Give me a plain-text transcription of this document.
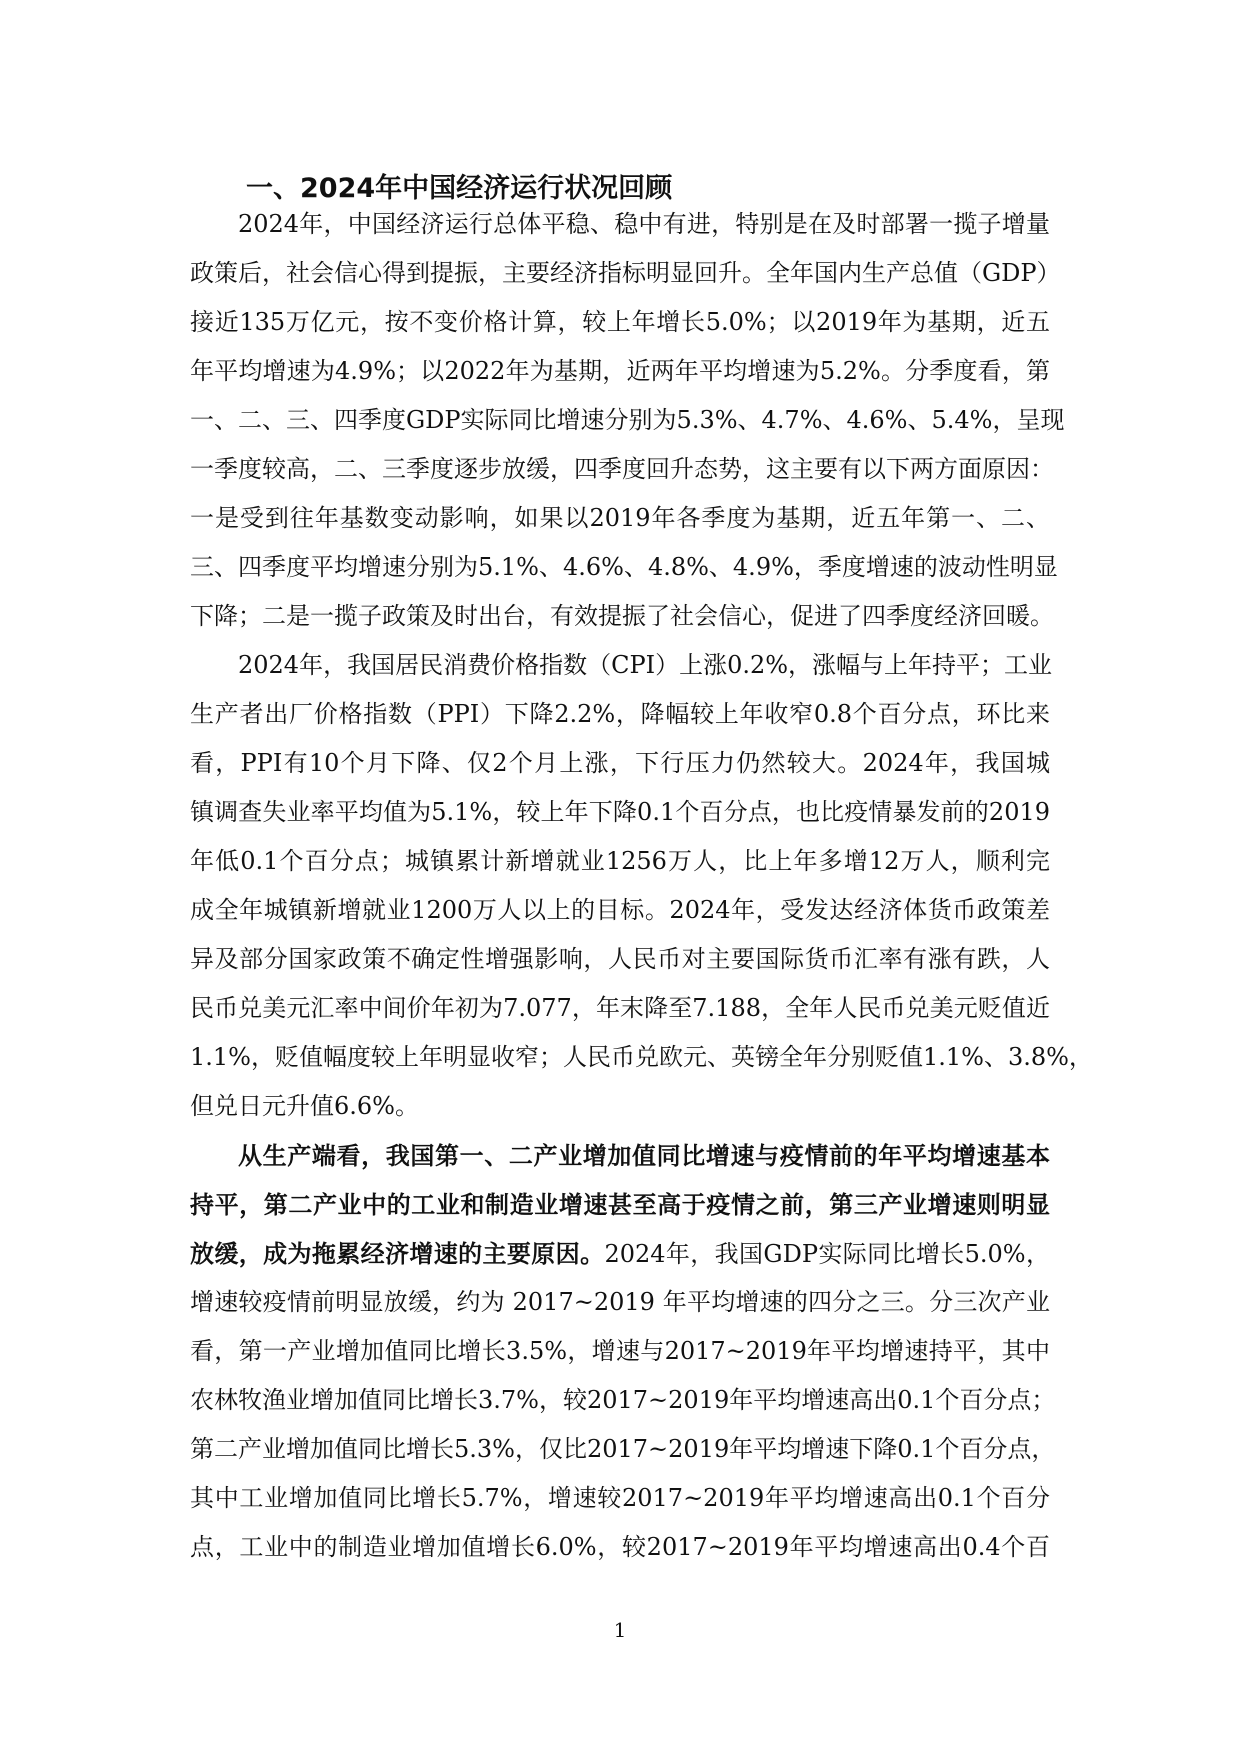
一、2024年中国经济运行状况回顾
2024年，中国经济运行总体平稳、稳中有进，特别是在及时部署一揽子增量
政策后，社会信心得到提振，主要经济指标明显回升。全年国内生产总值（GDP）
接近135万亿元，按不变价格计算，较上年增长5.0%；以2019年为基期，近五
年平均增速为4.9%；以2022年为基期，近两年平均增速为5.2%。分季度看，第
一、二、三、四季度GDP实际同比增速分别为5.3%、4.7%、4.6%、5.4%，呈现
一季度较高，二、三季度逐步放缓，四季度回升态势，这主要有以下两方面原因：
一是受到往年基数变动影响，如果以2019年各季度为基期，近五年第一、二、
三、四季度平均增速分别为5.1%、4.6%、4.8%、4.9%，季度增速的波动性明显
下降；二是一揽子政策及时出台，有效提振了社会信心，促进了四季度经济回暖。
2024年，我国居民消费价格指数（CPI）上涨0.2%，涨幅与上年持平；工业
生产者出厂价格指数（PPI）下降2.2%，降幅较上年收窄0.8个百分点，环比来
看，PPI有10个月下降、仅2个月上涨，下行压力仍然较大。2024年，我国城
镇调查失业率平均值为5.1%，较上年下降0.1个百分点，也比疫情暴发前的2019
年低0.1个百分点；城镇累计新增就业1256万人，比上年多增12万人，顺利完
成全年城镇新增就业1200万人以上的目标。2024年，受发达经济体货币政策差
异及部分国家政策不确定性增强影响，人民币对主要国际货币汇率有涨有跌，人
民币兑美元汇率中间价年初为7.077，年末降至7.188，全年人民币兑美元贬值近
1.1%，贬值幅度较上年明显收窄；人民币兑欧元、英镑全年分别贬值1.1%、3.8%，
但兑日元升值6.6%。
从生产端看，我国第一、二产业增加值同比增速与疫情前的年平均增速基本
持平，第二产业中的工业和制造业增速甚至高于疫情之前，第三产业增速则明显
放缓，成为拖累经济增速的主要原因。2024年，我国GDP实际同比增长5.0%，
增速较疫情前明显放缓，约为 2017~2019 年平均增速的四分之三。分三次产业
看，第一产业增加值同比增长3.5%，增速与2017~2019年平均增速持平，其中
农林牧渔业增加值同比增长3.7%，较2017~2019年平均增速高出0.1个百分点；
第二产业增加值同比增长5.3%，仅比2017~2019年平均增速下降0.1个百分点，
其中工业增加值同比增长5.7%，增速较2017~2019年平均增速高出0.1个百分
点，工业中的制造业增加值增长6.0%，较2017~2019年平均增速高出0.4个百
1
